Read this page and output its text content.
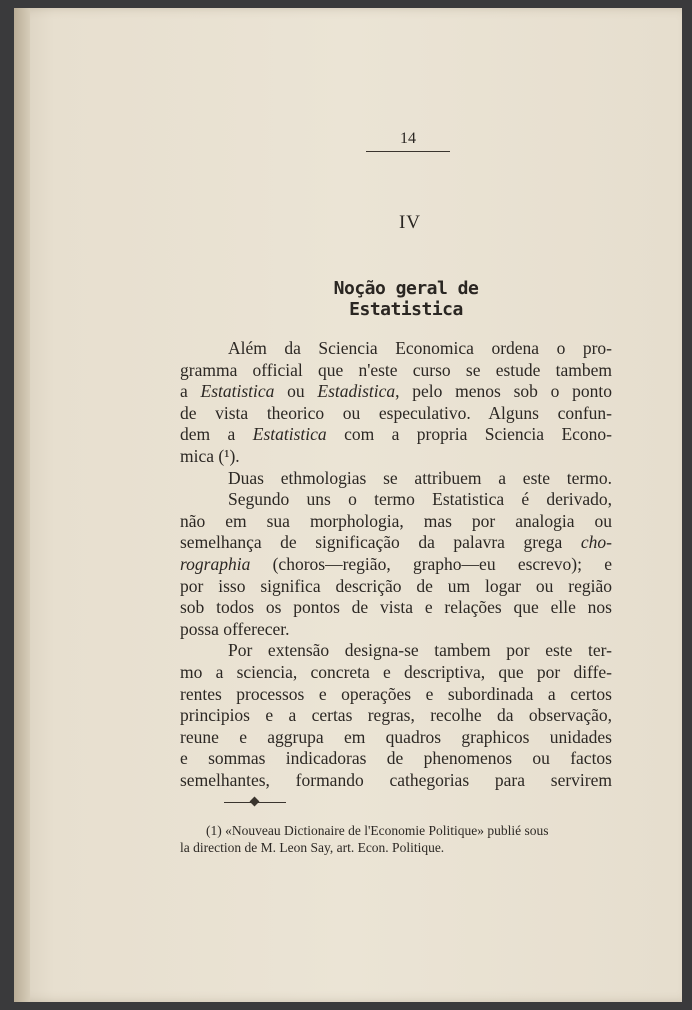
14
IV
Noção geral de Estatistica
Além da Sciencia Economica ordena o pro-
gramma official que n'este curso se estude tambem
a Estatistica ou Estadistica, pelo menos sob o ponto
de vista theorico ou especulativo. Alguns confun-
dem a Estatistica com a propria Sciencia Econo-
mica (¹).
Duas ethmologias se attribuem a este termo.
Segundo uns o termo Estatistica é derivado,
não em sua morphologia, mas por analogia ou
semelhança de significação da palavra grega cho-
rographia (choros—região, grapho—eu escrevo); e
por isso significa descrição de um logar ou região
sob todos os pontos de vista e relações que elle nos
possa offerecer.
Por extensão designa-se tambem por este ter-
mo a sciencia, concreta e descriptiva, que por diffe-
rentes processos e operações e subordinada a certos
principios e a certas regras, recolhe da observação,
reune e aggrupa em quadros graphicos unidades
e sommas indicadoras de phenomenos ou factos
semelhantes, formando cathegorias para servirem
(1) «Nouveau Dictionaire de l'Economie Politique» publié sous
la direction de M. Leon Say, art. Econ. Politique.
